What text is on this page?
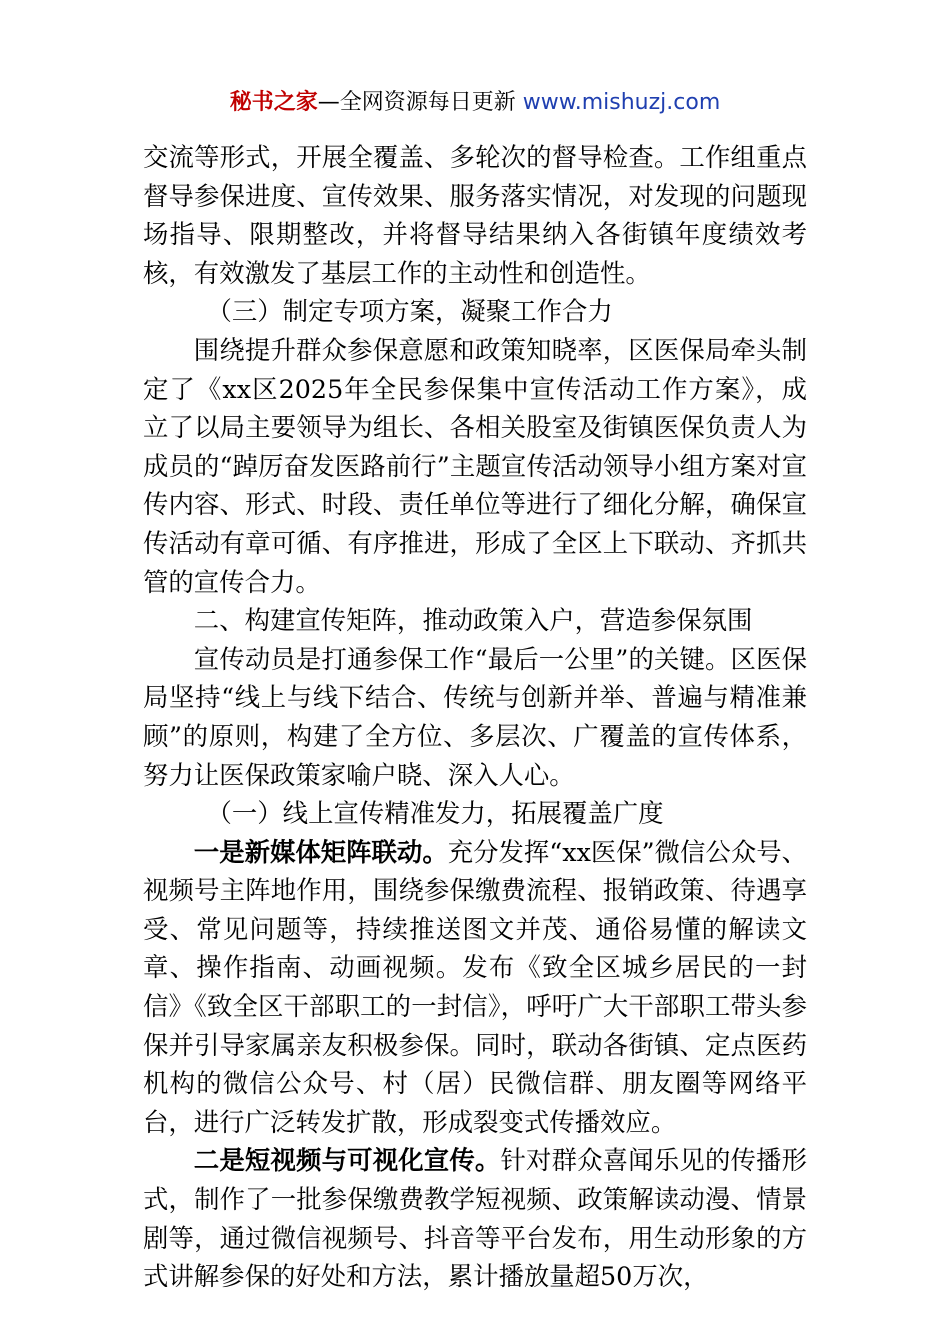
秘书之家—全网资源每日更新 www.mishuzj.com

交流等形式，开展全覆盖、多轮次的督导检查。工作组重点督导参保进度、宣传效果、服务落实情况，对发现的问题现场指导、限期整改，并将督导结果纳入各街镇年度绩效考核，有效激发了基层工作的主动性和创造性。

（三）制定专项方案，凝聚工作合力

围绕提升群众参保意愿和政策知晓率，区医保局牵头制定了《xx区2025年全民参保集中宣传活动工作方案》，成立了以局主要领导为组长、各相关股室及街镇医保负责人为成员的“踔厉奋发医路前行”主题宣传活动领导小组方案对宣传内容、形式、时段、责任单位等进行了细化分解，确保宣传活动有章可循、有序推进，形成了全区上下联动、齐抓共管的宣传合力。

二、构建宣传矩阵，推动政策入户，营造参保氛围

宣传动员是打通参保工作“最后一公里”的关键。区医保局坚持“线上与线下结合、传统与创新并举、普遍与精准兼顾”的原则，构建了全方位、多层次、广覆盖的宣传体系，努力让医保政策家喻户晓、深入人心。

（一）线上宣传精准发力，拓展覆盖广度

一是新媒体矩阵联动。充分发挥“xx医保”微信公众号、视频号主阵地作用，围绕参保缴费流程、报销政策、待遇享受、常见问题等，持续推送图文并茂、通俗易懂的解读文章、操作指南、动画视频。发布《致全区城乡居民的一封信》《致全区干部职工的一封信》，呼吁广大干部职工带头参保并引导家属亲友积极参保。同时，联动各街镇、定点医药机构的微信公众号、村（居）民微信群、朋友圈等网络平台，进行广泛转发扩散，形成裂变式传播效应。

二是短视频与可视化宣传。针对群众喜闻乐见的传播形式，制作了一批参保缴费教学短视频、政策解读动漫、情景剧等，通过微信视频号、抖音等平台发布，用生动形象的方式讲解参保的好处和方法，累计播放量超50万次，
